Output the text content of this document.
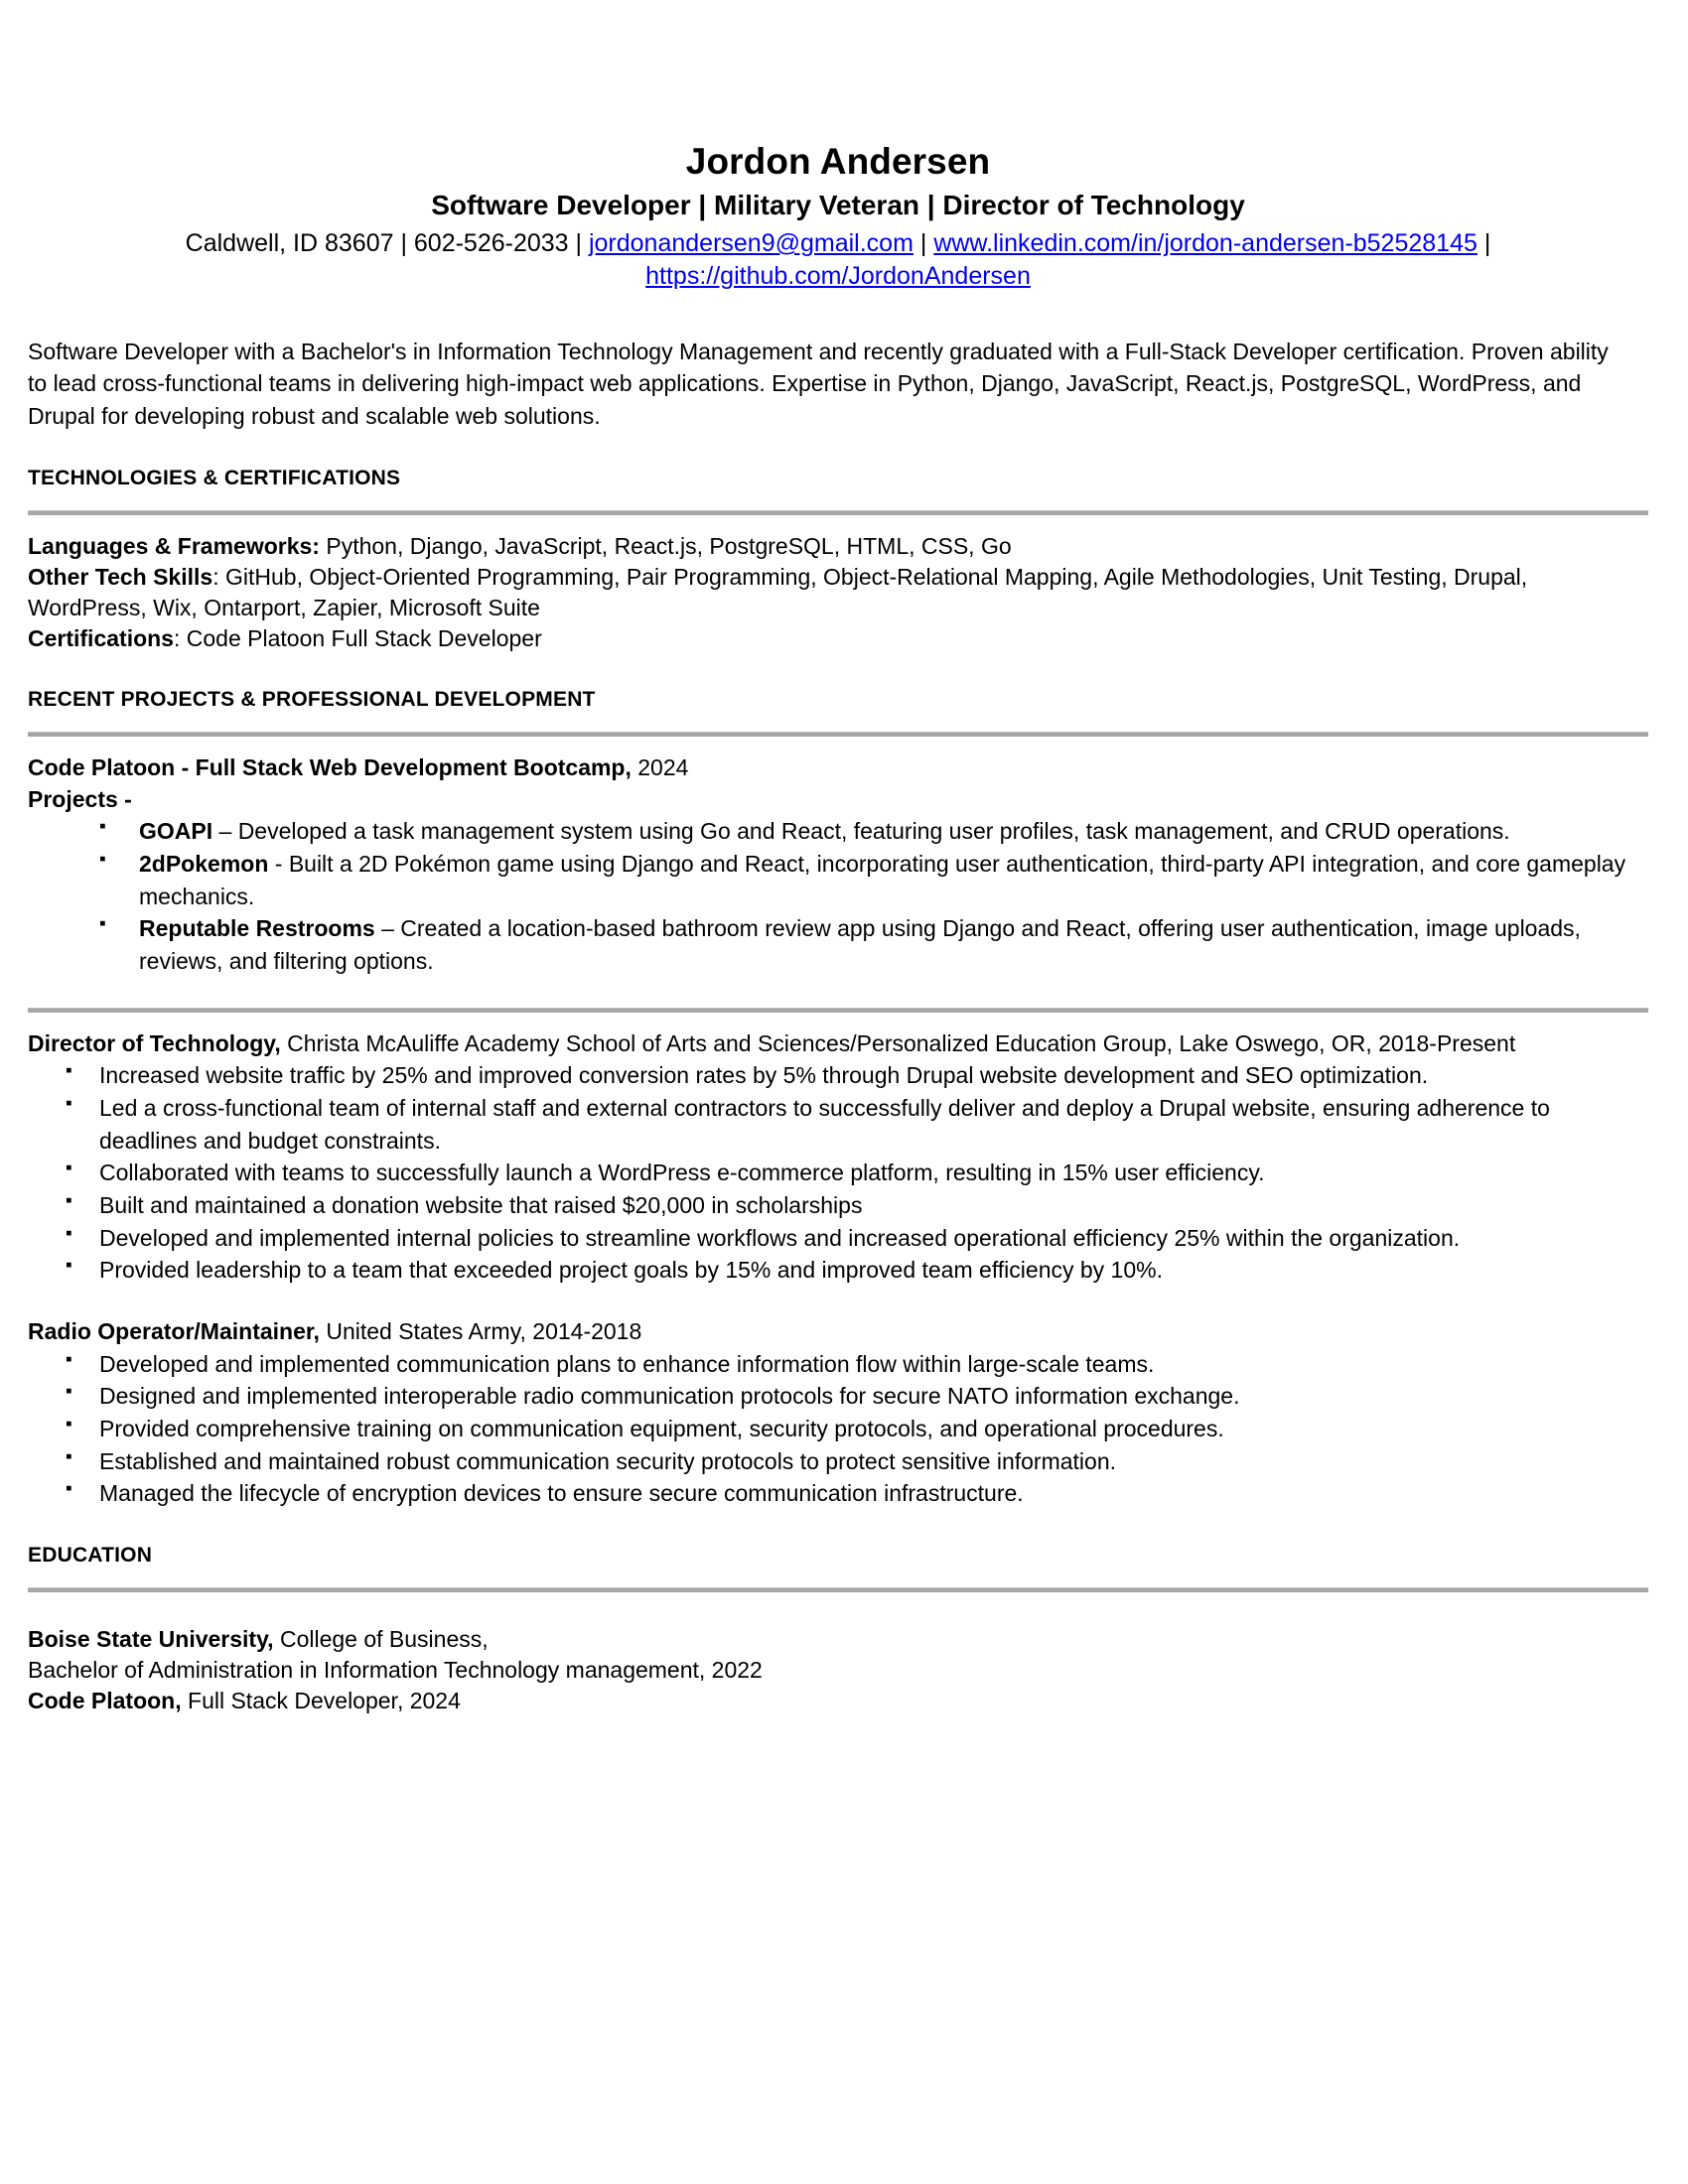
Jordon Andersen
Software Developer | Military Veteran | Director of Technology
Caldwell, ID 83607 | 602-526-2033 | jordonandersen9@gmail.com | www.linkedin.com/in/jordon-andersen-b52528145 | https://github.com/JordonAndersen

Software Developer with a Bachelor's in Information Technology Management and recently graduated with a Full-Stack Developer certification. Proven ability to lead cross-functional teams in delivering high-impact web applications. Expertise in Python, Django, JavaScript, React.js, PostgreSQL, WordPress, and Drupal for developing robust and scalable web solutions.

TECHNOLOGIES & CERTIFICATIONS

Languages & Frameworks: Python, Django, JavaScript, React.js, PostgreSQL, HTML, CSS, Go

Other Tech Skills: GitHub, Object-Oriented Programming, Pair Programming, Object-Relational Mapping, Agile Methodologies, Unit Testing, Drupal, WordPress, Wix, Ontarport, Zapier, Microsoft Suite

Certifications: Code Platoon Full Stack Developer

RECENT PROJECTS & PROFESSIONAL DEVELOPMENT

Code Platoon - Full Stack Web Development Bootcamp, 2024

Projects -

▪ GOAPI – Developed a task management system using Go and React, featuring user profiles, task management, and CRUD operations.
▪ 2dPokemon - Built a 2D Pokémon game using Django and React, incorporating user authentication, third-party API integration, and core gameplay mechanics.
▪ Reputable Restrooms – Created a location-based bathroom review app using Django and React, offering user authentication, image uploads, reviews, and filtering options.

Director of Technology, Christa McAuliffe Academy School of Arts and Sciences/Personalized Education Group, Lake Oswego, OR, 2018-Present

▪ Increased website traffic by 25% and improved conversion rates by 5% through Drupal website development and SEO optimization.
▪ Led a cross-functional team of internal staff and external contractors to successfully deliver and deploy a Drupal website, ensuring adherence to deadlines and budget constraints.
▪ Collaborated with teams to successfully launch a WordPress e-commerce platform, resulting in 15% user efficiency.
▪ Built and maintained a donation website that raised $20,000 in scholarships
▪ Developed and implemented internal policies to streamline workflows and increased operational efficiency 25% within the organization.
▪ Provided leadership to a team that exceeded project goals by 15% and improved team efficiency by 10%.

Radio Operator/Maintainer, United States Army, 2014-2018

▪ Developed and implemented communication plans to enhance information flow within large-scale teams.
▪ Designed and implemented interoperable radio communication protocols for secure NATO information exchange.
▪ Provided comprehensive training on communication equipment, security protocols, and operational procedures.
▪ Established and maintained robust communication security protocols to protect sensitive information.
▪ Managed the lifecycle of encryption devices to ensure secure communication infrastructure.
EDUCATION

Boise State University, College of Business,

Bachelor of Administration in Information Technology management, 2022

Code Platoon, Full Stack Developer, 2024
